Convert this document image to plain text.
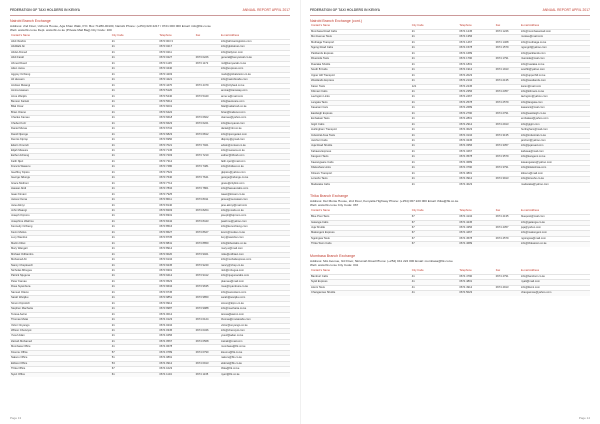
FEDERATION OF TAXI HOLDERS IN KENYA	ANNUAL REPORT APRIL 2017
Nairobi Branch Exchange
Address: 2nd Floor, Uchumi House, Aga Khan Walk, P.O. Box 71280-00100, Nairobi Phone: (+254) 020 2217 / 0721 000 000 Email: info@ftk.co.ke
Web: www.ftk.co.ke Dept. www.ftk.co.ke (Private Mail Bag) City Code: 100
Contact's Name	City Code	Telephone	Fax	E-mail Address
Abdi Ibrahim	21	0673 003 3		info@africanlogistics.com
Abdillahi Ali	21	0673 0217		info@globalnet.com
Abdul Ahmed	21	0673 0211		info@tellycon.com
Abdi Farah	21	0673 0227	0673 0226	general@kenyamail.co.ke
Ahmed Daud	21	0673 1145	0673 1172	md@kenyacab.co.ke
Aden Jama	21	0673 3440		info@express.com
Aggrey Ochieng	21	0673 4203		mark@globalvision.co.ke
Ali Hussein	21	0673 4221		info@nairobicabs.com
Andrew Mwangi	21	0673 4470	0673 4479	info@cityhaul.co.ke
Amina Hassan	21	0673 5120		amina@transway.com
Anne Wanjiru	21	0673 5440	0673 5440	anne.w@mail.com
Benson Kariuki	21	0673 5612		info@autocare.com
Bilal Omar	21	0673 6001		bilal@safaricab.co.ke
Brian Otieno	21	0673 6422		brian@tradenet.com
Charles Kamau	21	0673 6618	0673 6602	ckamau@yahoo.com
Chebet Korir	21	0673 6623	0673 6221	info@kenyanet.com
Daniel Mutua	21	0673 6734		daniel@nbi.co.ke
David Njoroge	21	0673 6823	0673 6812	info@njorogetaxi.com
Dennis Kiprop	21	0673 6950		dkiprop@gmail.com
Edwin Omondi	21	0673 7021	0673 7021	edwin@omtaxi.co.ke
Elijah Mwaura	21	0673 7145		info@mwaura.co.ke
Esther Achieng	21	0673 7203	0673 7210	esther@riftcab.com
Faith Njeri	21	0673 7312		faith.njeri@mail.com
Francis Waweru	21	0673 7480	0673 7481	info@cbdtaxi.co.ke
Geoffrey Kiptoo	21	0673 7522		gkiptoo@yahoo.com
George Ndungu	21	0673 7640	0673 7641	george@ndungu.co.ke
Grace Muthoni	21	0673 7712		grace@citylink.com
Hassan Abdi	21	0673 7834	0673 7801	info@hassancabs.com
Isaac Kimani	21	0673 7925		isaac@kimani.co.ke
James Ouma	21	0673 8011	0673 8011	james@oumataxi.com
Jane Akinyi	21	0673 8140		jane.akinyi@mail.com
John Mwangi	21	0673 8203	0673 8204	info@jmcabs.co.ke
Joseph Kiprono	21	0673 8331		joseph@kiprono.com
Josephine Wairimu	21	0673 8442	0673 8443	jwairimu@yahoo.com
Kennedy Ochieng	21	0673 8516		info@kenochieng.com
Kevin Mutiso	21	0673 8627	0673 8627	kevin@mutiso.co.ke
Lucy Wambui	21	0673 8735		lucy@wambui.com
Martin Kibet	21	0673 8841	0673 8850	info@kibetcabs.co.ke
Mary Wangari	21	0673 8912		mary.w@mail.com
Michael Odhiambo	21	0673 9020	0673 9021	mike@odhtaxi.com
Mohamed Ali	21	0673 9134		info@mohaliexpress.com
Nancy Chepkoech	21	0673 9245	0673 9240	nancy@chep.co.ke
Nicholas Mbugua	21	0673 9301		nick@mbugua.com
Patrick Njuguna	21	0673 9412	0673 9412	info@njugunacabs.com
Peter Kamau	21	0673 9523		pkamau@mail.com
Rose Nyambura	21	0673 9634	0673 9635	rose@nyambura.co.ke
Samuel Otieno	21	0673 9745		info@samotieno.com
Sarah Wanjiku	21	0673 9851	0673 9850	sarah@wanjiku.com
Simon Kiprotich	21	0673 9912		simon@kipro.co.ke
Stephen Macharia	21	0673 9987	0673 9988	info@macharia.co.ke
Teresa Awino	21	0674 0012		teresa@awino.com
Thomas Mutai	21	0674 0123	0674 0124	thomas@mutaicabs.com
Victor Onyango	21	0674 0234		victor@onyango.co.ke
Wilson Cheruiyot	21	0674 0345	0674 0346	info@cheruiyot.com
Yusuf Adan	21	0674 0456		yusuf@adan.co.ke
Zainab Mohamed	21	0674 0567	0674 0568	zainab@mail.com
Mombasa Office	41	0674 0678		mombasa@ftk.co.ke
Kisumu Office	57	0674 0789	0674 0790	kisumu@ftk.co.ke
Nakuru Office	51	0674 0891		nakuru@ftk.co.ke
Eldoret Office	53	0674 0912	0674 0913	eldoret@ftk.co.ke
Thika Office	67	0674 1023		thika@ftk.co.ke
Nyeri Office	61	0674 1134	0674 1135	nyeri@ftk.co.ke
Page 13
FEDERATION OF TAXI HOLDERS IN KENYA	ANNUAL REPORT APRIL 2017
Nairobi Branch Exchange (cont.)
Contact's Name	City Code	Telephone	Fax	E-mail Address
Mombasa Road Cabs	21	0674 1245	0674 1246	info@mombasaroad.com
Moi Avenue Taxis	21	0674 1356		moiave@mail.com
Muthaiga Transport	21	0674 1467	0674 1468	info@muthaiga.co.ke
Ngong Road Cabs	21	0674 1578	0674 1579	ngongrd@yahoo.com
Parklands Express	21	0674 1689		info@parklands.com
Riverside Taxis	21	0674 1790	0674 1791	riverside@mail.com
Ruaraka Shuttle	21	0674 1801		info@ruaraka.co.ke
South B Cabs	21	0674 1912	0674 1913	southb@yahoo.com
Upper Hill Transport	21	0674 2023		info@upperhill.co.ke
Westlands Express	21	0674 2134	0674 2135	info@westlands.com
Karen Taxis	121	0674 2245		karen@mail.com
Kilimani Cabs	21	0674 2356	0674 2357	info@kilimani.co.ke
Lavington Links	21	0674 2467		lavington@yahoo.com
Langata Taxis	21	0674 2578	0674 2579	info@langata.com
Kasarani Cars	21	0674 2689		kasarani@mail.com
Eastleigh Express	21	0674 2790	0674 2791	info@eastleigh.co.ke
Embakasi Taxis	21	0674 2801		embakasi@yahoo.com
Gigiri Cabs	21	0674 2912	0674 2913	info@gigiri.com
Hurlingham Transport	21	0674 3023		hurlingham@mail.com
Industrial Area Taxis	21	0674 3134	0674 3135	info@industrial.co.ke
Jamhuri Cabs	21	0674 3245		jamhuri@yahoo.com
Juja Road Shuttle	21	0674 3356	0674 3357	info@jujaroad.com
Kahawa Express	21	0674 3467		kahawa@mail.com
Kangemi Taxis	21	0674 3578	0674 3579	info@kangemi.co.ke
Kawangware Cabs	21	0674 3689		kawangware@yahoo.com
Kileleshwa Links	21	0674 3790	0674 3791	info@kileleshwa.com
Kitisuru Transport	21	0674 3801		kitisuru@mail.com
Loresho Taxis	21	0674 3912	0674 3913	info@loresho.co.ke
Madaraka Cabs	21	0674 4023		madaraka@yahoo.com
Thika Branch Exchange
Address: Del Monte House, 2nd Floor, Kenyatta Highway Phone: (+254) 067 220 000 Email: thika@ftk.co.ke
Web: www.ftk.co.ke City Code: 067
Contact's Name	City Code	Telephone	Fax	E-mail Address
Blue Post Taxis	67	0674 4134	0674 4135	bluepost@mail.com
Gatanga Cabs	67	0674 4245		info@gatanga.co.ke
Juja Shuttle	67	0674 4356	0674 4357	juja@yahoo.com
Makongeni Express	67	0674 4467		info@makongeni.com
Ngoingwa Taxis	67	0674 4578	0674 4579	ngoingwa@mail.com
Thika Town Cabs	67	0674 4689		info@thikatown.co.ke
Mombasa Branch Exchange
Address: Moi Avenue, 3rd Floor, Nkrumah Road Phone: (+254) 041 222 000 Email: mombasa@ftk.co.ke
Web: www.ftk.co.ke City Code: 041
Contact's Name	City Code	Telephone	Fax	E-mail Address
Bamburi Cabs	41	0674 4790	0674 4791	info@bamburi.co.ke
Nyali Express	41	0674 4801		nyali@mail.com
Likoni Taxis	41	0674 4912	0674 4913	info@likoni.com
Changamwe Shuttle	41	0674 5023		changamwe@yahoo.com
Page 14
